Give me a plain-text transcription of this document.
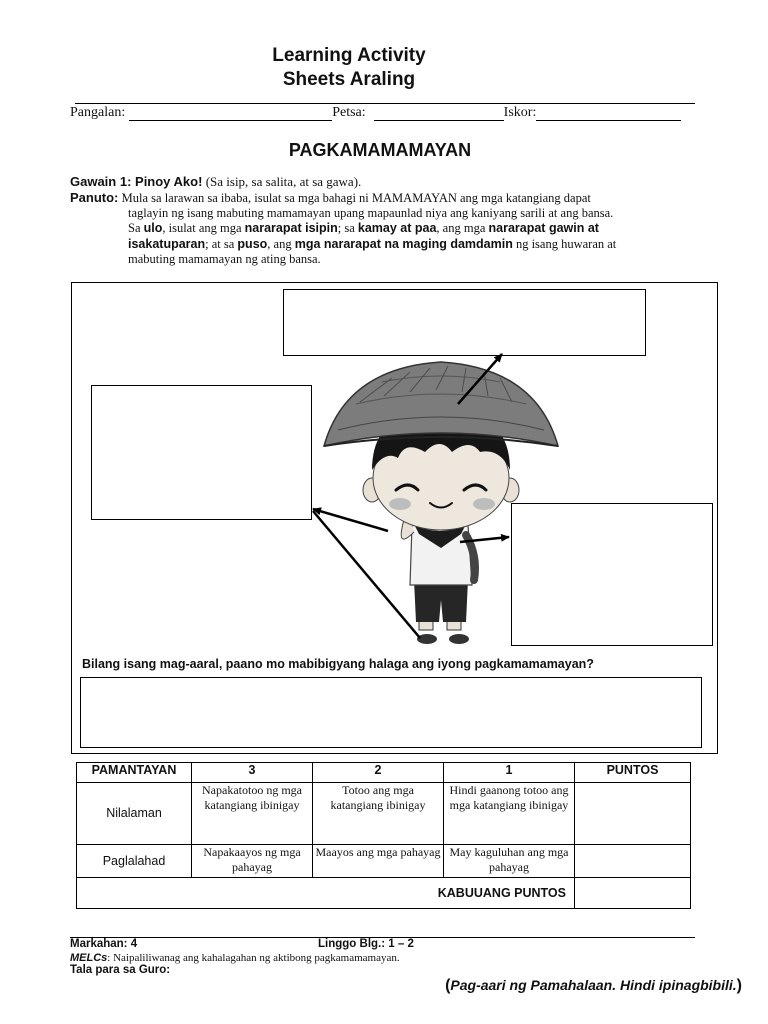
Learning Activity
Sheets Araling
Pangalan:	Petsa:	Iskor:
PAGKAMAMAMAYAN
Gawain 1: Pinoy Ako! (Sa isip, sa salita, at sa gawa).
Panuto: Mula sa larawan sa ibaba, isulat sa mga bahagi ni MAMAMAYAN ang mga katangiang dapat
taglayin ng isang mabuting mamamayan upang mapaunlad niya ang kaniyang sarili at ang bansa.
Sa ulo, isulat ang mga nararapat isipin; sa kamay at paa, ang mga nararapat gawin at
isakatuparan; at sa puso, ang mga nararapat na maging damdamin ng isang huwaran at
mabuting mamamayan ng ating bansa.
Bilang isang mag-aaral, paano mo mabibigyang halaga ang iyong pagkamamamayan?
PAMANTAYAN	3	2	1	PUNTOS
Nilalaman	Napakatotoo ng mga katangiang ibinigay	Totoo ang mga katangiang ibinigay	Hindi gaanong totoo ang mga katangiang ibinigay	
Paglalahad	Napakaayos ng mga pahayag	Maayos ang mga pahayag	May kaguluhan ang mga pahayag	
KABUUANG PUNTOS				
Markahan: 4	Linggo Blg.: 1 – 2
MELCs: Naipaliliwanag ang kahalagahan ng aktibong pagkamamamayan.
Tala para sa Guro:
(Pag-aari ng Pamahalaan. Hindi ipinagbibili.)
